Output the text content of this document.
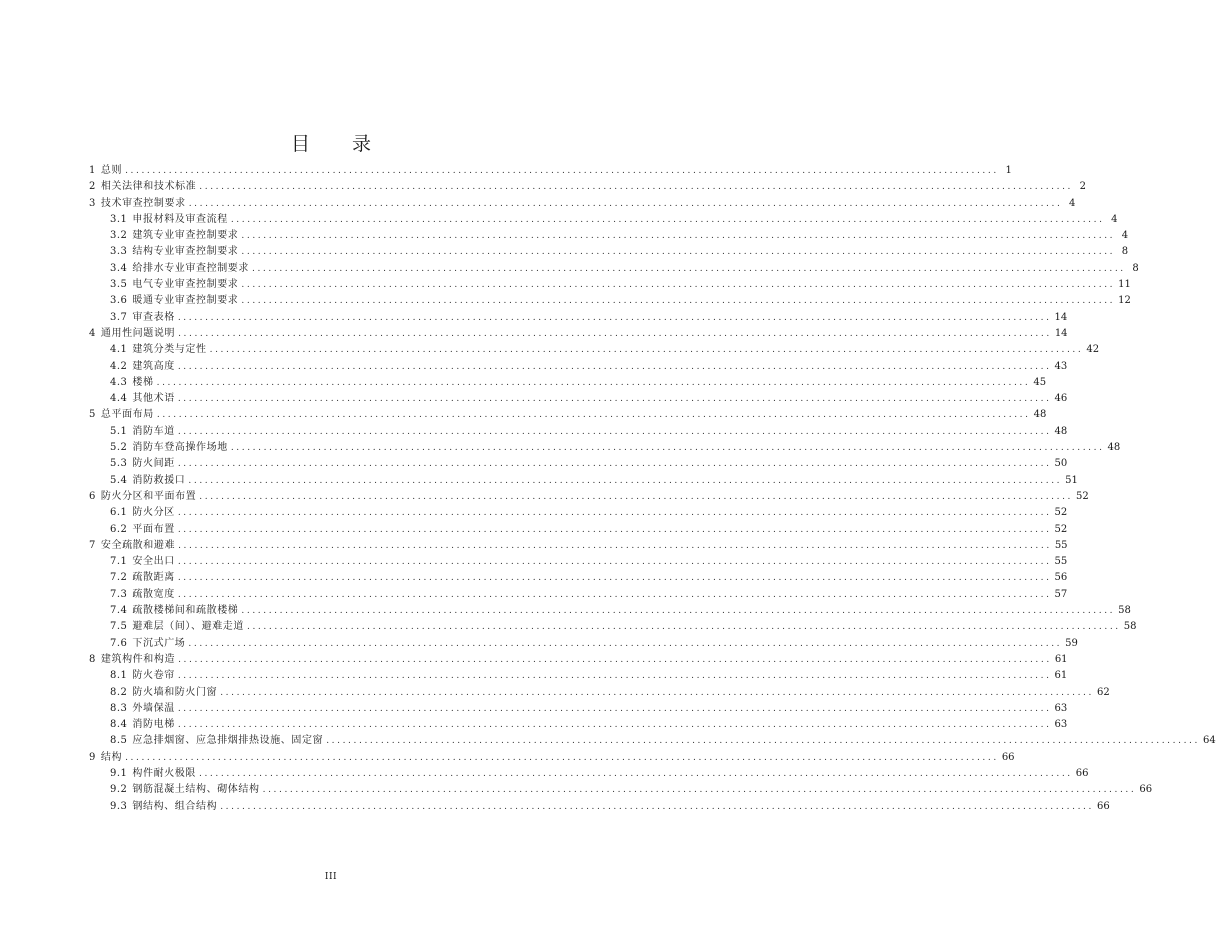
目 录
1 总则 ................................................................................................................................................................ 1
2 相关法律和技术标准 ................................................................................................................................................................ 2
3 技术审查控制要求 ................................................................................................................................................................ 4
3.1 申报材料及审查流程 ................................................................................................................................................................ 4
3.2 建筑专业审查控制要求 ................................................................................................................................................................ 4
3.3 结构专业审查控制要求 ................................................................................................................................................................ 8
3.4 给排水专业审查控制要求 ................................................................................................................................................................ 8
3.5 电气专业审查控制要求 ................................................................................................................................................................ 11
3.6 暖通专业审查控制要求 ................................................................................................................................................................ 12
3.7 审查表格 ................................................................................................................................................................ 14
4 通用性问题说明 ................................................................................................................................................................ 14
4.1 建筑分类与定性 ................................................................................................................................................................ 42
4.2 建筑高度 ................................................................................................................................................................ 43
4.3 楼梯 ................................................................................................................................................................ 45
4.4 其他术语 ................................................................................................................................................................ 46
5 总平面布局 ................................................................................................................................................................ 48
5.1 消防车道 ................................................................................................................................................................ 48
5.2 消防车登高操作场地 ................................................................................................................................................................ 48
5.3 防火间距 ................................................................................................................................................................ 50
5.4 消防救援口 ................................................................................................................................................................ 51
6 防火分区和平面布置 ................................................................................................................................................................ 52
6.1 防火分区 ................................................................................................................................................................ 52
6.2 平面布置 ................................................................................................................................................................ 52
7 安全疏散和避难 ................................................................................................................................................................ 55
7.1 安全出口 ................................................................................................................................................................ 55
7.2 疏散距离 ................................................................................................................................................................ 56
7.3 疏散宽度 ................................................................................................................................................................ 57
7.4 疏散楼梯间和疏散楼梯 ................................................................................................................................................................ 58
7.5 避难层（间）、避难走道 ................................................................................................................................................................ 58
7.6 下沉式广场 ................................................................................................................................................................ 59
8 建筑构件和构造 ................................................................................................................................................................ 61
8.1 防火卷帘 ................................................................................................................................................................ 61
8.2 防火墙和防火门窗 ................................................................................................................................................................ 62
8.3 外墙保温 ................................................................................................................................................................ 63
8.4 消防电梯 ................................................................................................................................................................ 63
8.5 应急排烟窗、应急排烟排热设施、固定窗 ................................................................................................................................................................ 64
9 结构 ................................................................................................................................................................ 66
9.1 构件耐火极限 ................................................................................................................................................................ 66
9.2 钢筋混凝土结构、砌体结构 ................................................................................................................................................................ 66
9.3 钢结构、组合结构 ................................................................................................................................................................ 66
III
